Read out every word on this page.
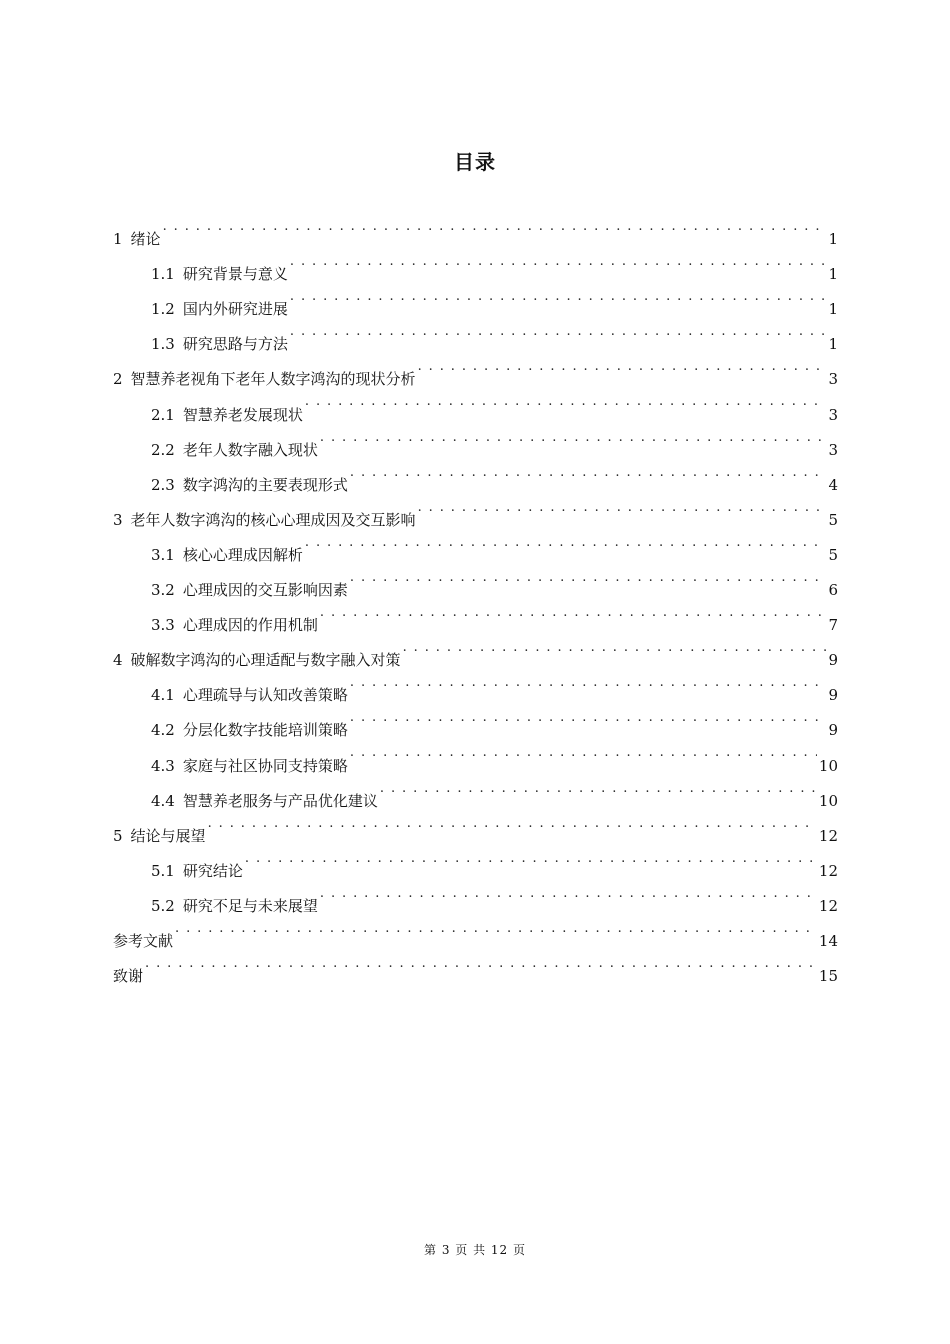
目录
1 绪论 . . .	1
1.1 研究背景与意义 . . .	1
1.2 国内外研究进展 . . .	1
1.3 研究思路与方法 . . .	1
2 智慧养老视角下老年人数字鸿沟的现状分析 . . .	3
2.1 智慧养老发展现状 . . .	3
2.2 老年人数字融入现状 . . .	3
2.3 数字鸿沟的主要表现形式 . . .	4
3 老年人数字鸿沟的核心心理成因及交互影响 . . .	5
3.1 核心心理成因解析 . . .	5
3.2 心理成因的交互影响因素 . . .	6
3.3 心理成因的作用机制 . . .	7
4 破解数字鸿沟的心理适配与数字融入对策 . . .	9
4.1 心理疏导与认知改善策略 . . .	9
4.2 分层化数字技能培训策略 . . .	9
4.3 家庭与社区协同支持策略 . . .	10
4.4 智慧养老服务与产品优化建议 . . .	10
5 结论与展望 . . .	12
5.1 研究结论 . . .	12
5.2 研究不足与未来展望 . . .	12
参考文献 . . .	14
致谢 . . .	15
第 3 页 共 12 页
